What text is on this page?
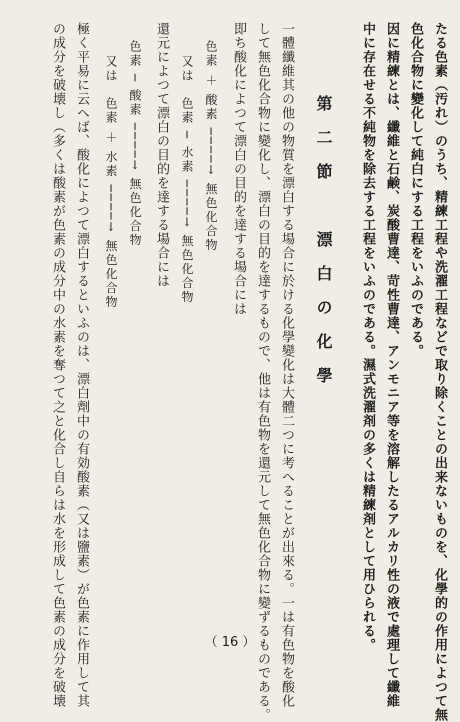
たる色素（汚れ）のうち、精練工程や洗濯工程などで取り除くことの出来ないものを、化學的の作用によつて無
色化合物に變化して純白にする工程をいふのである。
因に精練とは、纖維と石鹸、炭酸曹達、苛性曹達、アンモニア等を溶解したるアルカリ性の液で處理して纖維
中に存在せる不純物を除去する工程をいふのである。濕式洗濯剤の多くは精練剤として用ひられる。
第二節　漂白の化學
一體纖維其の他の物質を漂白する場合に於ける化學變化は大體二つに考へることが出來る。一は有色物を酸化
して無色化合物に變化し、漂白の目的を達するもので、他は有色物を還元して無色化合物に變ずるものである。
即ち酸化によつて漂白の目的を達する場合には
色素 ＋ 酸素 ────→ 無色化合物
又は　色素 ─ 水素 ────→ 無色化合物
還元によつて漂白の目的を達する場合には
色素 ─ 酸素 ────→ 無色化合物
又は　色素 ＋ 水素 ────→ 無色化合物
極く平易に云へば、酸化によつて漂白するといふのは、漂白劑中の有効酸素（又は鹽素）が色素に作用して其
の成分を破壊し（多くは酸素が色素の成分中の水素を奪つて之と化合し自らは水を形成して色素の成分を破壊	（ 16 ）
